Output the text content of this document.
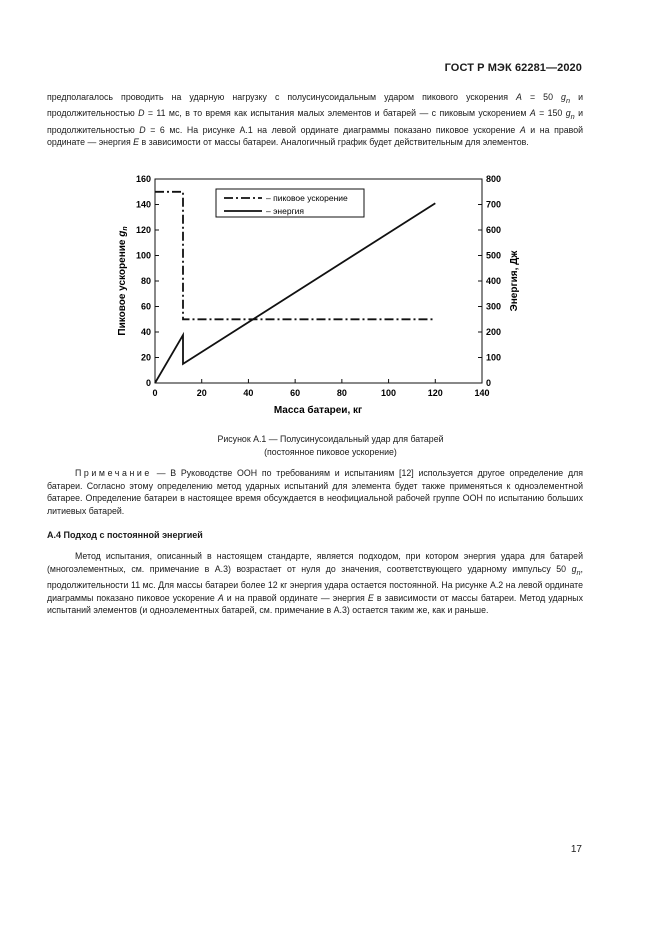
ГОСТ Р МЭК 62281—2020

предполагалось проводить на ударную нагрузку с полусинусоидальным ударом пикового ускорения A = 50 $g_n$ и продолжительностью D = 11 мс, в то время как испытания малых элементов и батарей — с пиковым ускорением A = 150 $g_n$ и продолжительностью D = 6 мс. На рисунке А.1 на левой ординате диаграммы показано пиковое ускорение A и на правой ординате — энергия E в зависимости от массы батареи. Аналогичный график будет действительным для элементов.

0	20	40	60	80	100	120	140
0
20
40
60
80
100
120
140
160
0
100
200
300
400
500
600
700
800
– пиковое ускорение
– энергия
Масса батареи, кг
Пиковое ускорение $g_n$
Энергия, Дж
Рисунок А.1 — Полусинусоидальный удар для батарей
(постоянное пиковое ускорение)

Примечание — В Руководстве ООН по требованиям и испытаниям [12] используется другое определение для батареи. Согласно этому определению метод ударных испытаний для элемента будет также применяться к одноэлементной батарее. Определение батареи в настоящее время обсуждается в неофициальной рабочей группе ООН по испытанию больших литиевых батарей.

А.4 Подход с постоянной энергией

Метод испытания, описанный в настоящем стандарте, является подходом, при котором энергия удара для батарей (многоэлементных, см. примечание в А.3) возрастает от нуля до значения, соответствующего ударному импульсу 50 $g_n$, продолжительности 11 мс. Для массы батареи более 12 кг энергия удара остается постоянной. На рисунке А.2 на левой ординате диаграммы показано пиковое ускорение A и на правой ординате — энергия E в зависимости от массы батареи. Метод ударных испытаний элементов (и одноэлементных батарей, см. примечание в А.3) остается таким же, как и раньше.

17
